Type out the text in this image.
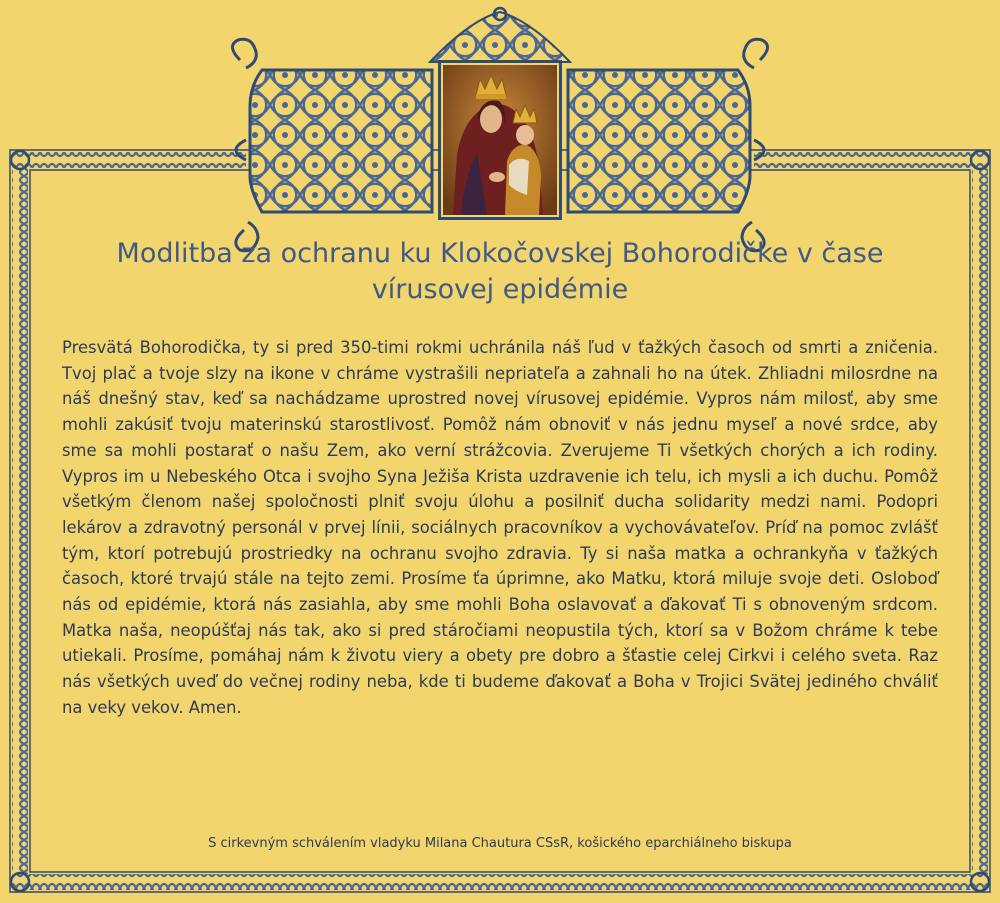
Modlitba za ochranu ku Klokočovskej Bohorodičke v čase
vírusovej epidémie

Presvätá Bohorodička, ty si pred 350-timi rokmi uchránila náš ľud v ťažkých časoch od smrti a zničenia. Tvoj plač a tvoje slzy na ikone v chráme vystrašili nepriateľa a zahnali ho na útek. Zhliadni milosrdne na náš dnešný stav, keď sa nachádzame uprostred novej vírusovej epidémie. Vypros nám milosť, aby sme mohli zakúsiť tvoju materinskú starostlivosť. Pomôž nám obnoviť v nás jednu myseľ a nové srdce, aby sme sa mohli postarať o našu Zem, ako verní strážcovia. Zverujeme Ti všetkých chorých a ich rodiny. Vypros im u Nebeského Otca i svojho Syna Ježiša Krista uzdravenie ich telu, ich mysli a ich duchu. Pomôž všetkým členom našej spoločnosti plniť svoju úlohu a posilniť ducha solidarity medzi nami. Podopri lekárov a zdravotný personál v prvej línii, sociálnych pracovníkov a vychovávateľov. Príď na pomoc zvlášť tým, ktorí potrebujú prostriedky na ochranu svojho zdravia. Ty si naša matka a ochrankyňa v ťažkých časoch, ktoré trvajú stále na tejto zemi. Prosíme ťa úprimne, ako Matku, ktorá miluje svoje deti. Osloboď nás od epidémie, ktorá nás zasiahla, aby sme mohli Boha oslavovať a ďakovať Ti s obnoveným srdcom. Matka naša, neopúšťaj nás tak, ako si pred stáročiami neopustila tých, ktorí sa v Božom chráme k tebe utiekali. Prosíme, pomáhaj nám k životu viery a obety pre dobro a šťastie celej Cirkvi i celého sveta. Raz nás všetkých uveď do večnej rodiny neba, kde ti budeme ďakovať a Boha v Trojici Svätej jediného chváliť na veky vekov. Amen.

S cirkevným schválením vladyku Milana Chautura CSsR, košického eparchiálneho biskupa
